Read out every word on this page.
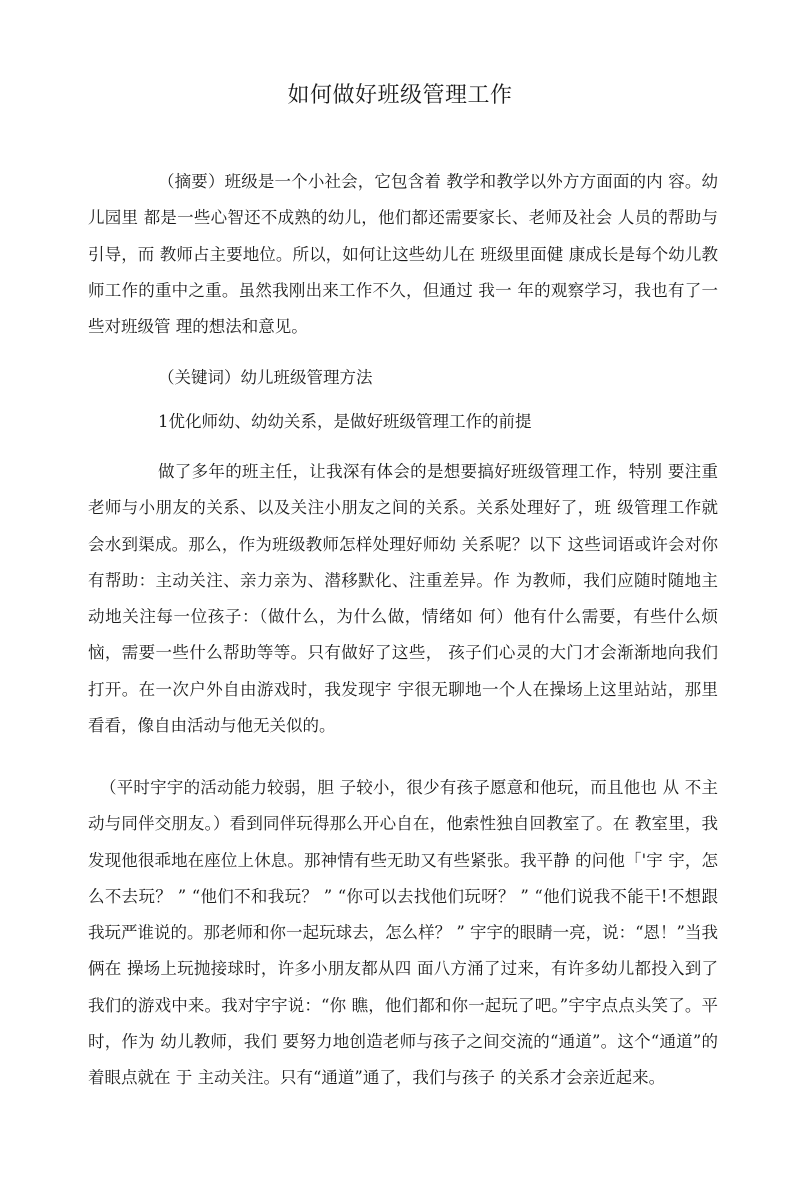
如何做好班级管理工作
（摘要）班级是一个小社会，它包含着 教学和教学以外方方面面的内 容。幼儿园里 都是一些心智还不成熟的幼儿，他们都还需要家长、老师及社会 人员的帮助与引导，而 教师占主要地位。所以，如何让这些幼儿在 班级里面健 康成长是每个幼儿教师工作的重中之重。虽然我刚出来工作不久，但通过 我一 年的观察学习，我也有了一些对班级管 理的想法和意见。
（关键词）幼儿班级管理方法
1优化师幼、幼幼关系，是做好班级管理工作的前提
做了多年的班主任，让我深有体会的是想要搞好班级管理工作，特别 要注重老师与小朋友的关系、以及关注小朋友之间的关系。关系处理好了，班 级管理工作就会水到渠成。那么，作为班级教师怎样处理好师幼 关系呢？以下 这些词语或许会对你有帮助：主动关注、亲力亲为、潜移默化、注重差异。作 为教师，我们应随时随地主动地关注每一位孩子：（做什么，为什么做，情绪如 何）他有什么需要，有些什么烦恼，需要一些什么帮助等等。只有做好了这些， 孩子们心灵的大门才会渐渐地向我们打开。在一次户外自由游戏时，我发现宇 宇很无聊地一个人在操场上这里站站，那里看看，像自由活动与他无关似的。
（平时宇宇的活动能力较弱，胆 子较小，很少有孩子愿意和他玩，而且他也 从 不主动与同伴交朋友。）看到同伴玩得那么开心自在，他索性独自回教室了。在 教室里，我发现他很乖地在座位上休息。那神情有些无助又有些紧张。我平静 的问他「'宇 宇，怎么不去玩？ ” “他们不和我玩？ ” “你可以去找他们玩呀？ ” “他们说我不能干!不想跟我玩严谁说的。那老师和你一起玩球去，怎么样？ ” 宇宇的眼睛一亮，说：“恩！”当我俩在 操场上玩抛接球时，许多小朋友都从四 面八方涌了过来，有许多幼儿都投入到了我们的游戏中来。我对宇宇说：“你 瞧，他们都和你一起玩了吧。”宇宇点点头笑了。平时，作为 幼儿教师，我们 要努力地创造老师与孩子之间交流的“通道”。这个“通道”的着眼点就在 于 主动关注。只有“通道”通了，我们与孩子 的关系才会亲近起来。
